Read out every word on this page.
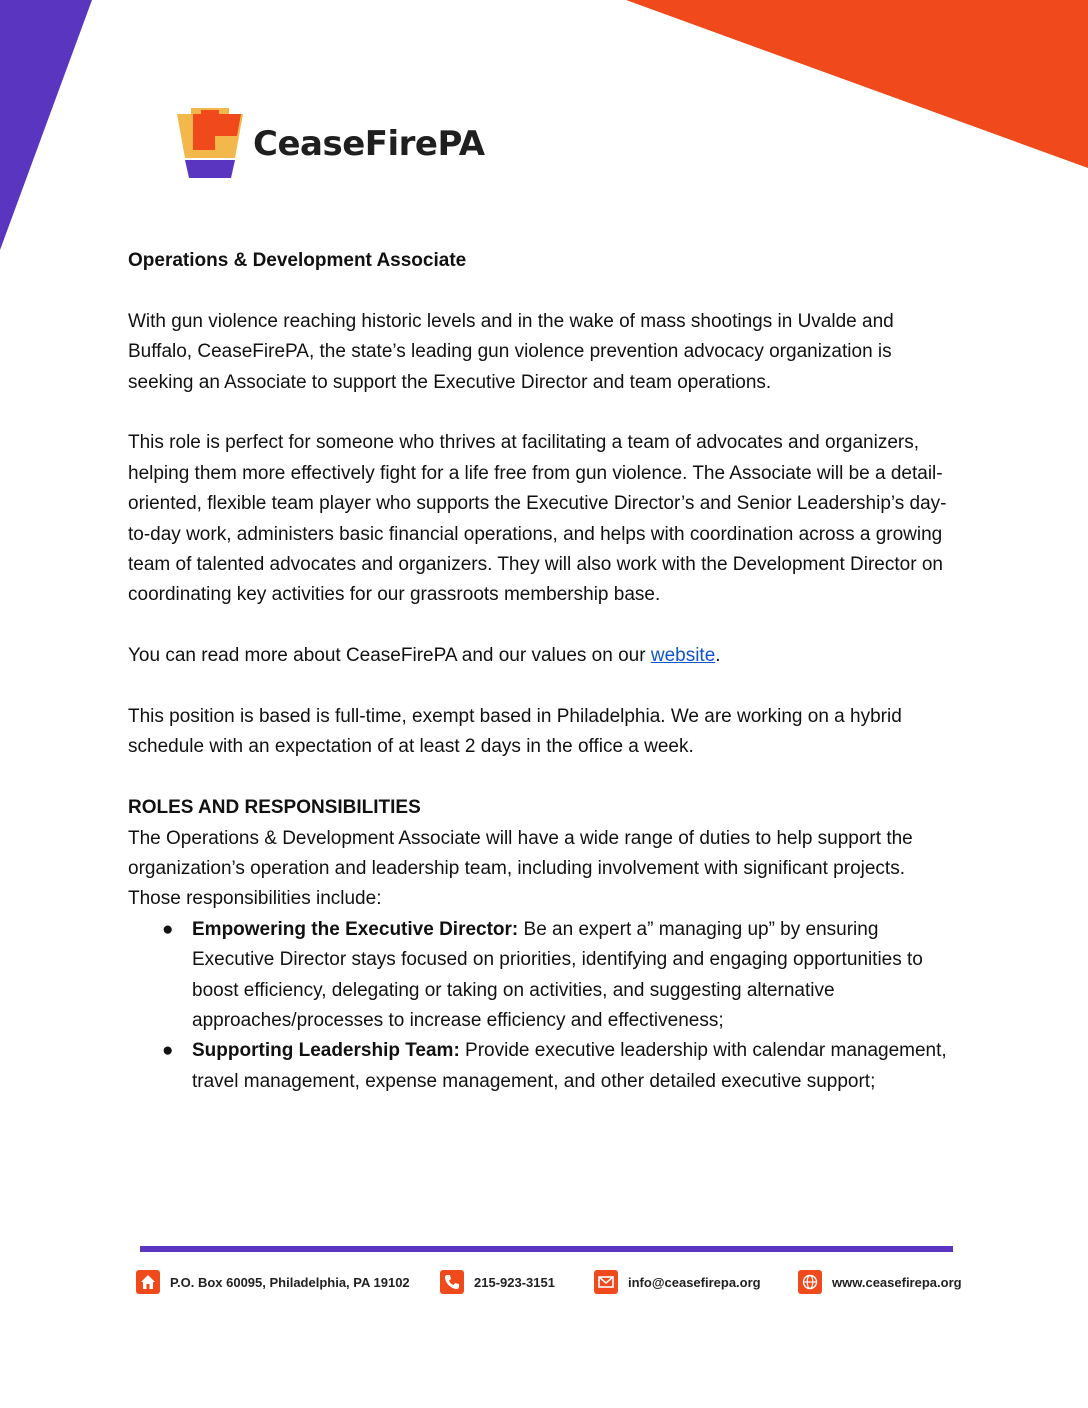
CeaseFirePA

Operations & Development Associate

With gun violence reaching historic levels and in the wake of mass shootings in Uvalde and Buffalo, CeaseFirePA, the state’s leading gun violence prevention advocacy organization is seeking an Associate to support the Executive Director and team operations.

This role is perfect for someone who thrives at facilitating a team of advocates and organizers, helping them more effectively fight for a life free from gun violence. The Associate will be a detail-oriented, flexible team player who supports the Executive Director’s and Senior Leadership’s day-to-day work, administers basic financial operations, and helps with coordination across a growing team of talented advocates and organizers. They will also work with the Development Director on coordinating key activities for our grassroots membership base.

You can read more about CeaseFirePA and our values on our website.

This position is based is full-time, exempt based in Philadelphia. We are working on a hybrid schedule with an expectation of at least 2 days in the office a week.

ROLES AND RESPONSIBILITIES

The Operations & Development Associate will have a wide range of duties to help support the organization’s operation and leadership team, including involvement with significant projects. Those responsibilities include:

● Empowering the Executive Director: Be an expert a” managing up” by ensuring Executive Director stays focused on priorities, identifying and engaging opportunities to boost efficiency, delegating or taking on activities, and suggesting alternative approaches/processes to increase efficiency and effectiveness;
● Supporting Leadership Team: Provide executive leadership with calendar management, travel management, expense management, and other detailed executive support;
P.O. Box 60095, Philadelphia, PA 19102	215-923-3151	info@ceasefirepa.org	www.ceasefirepa.org
